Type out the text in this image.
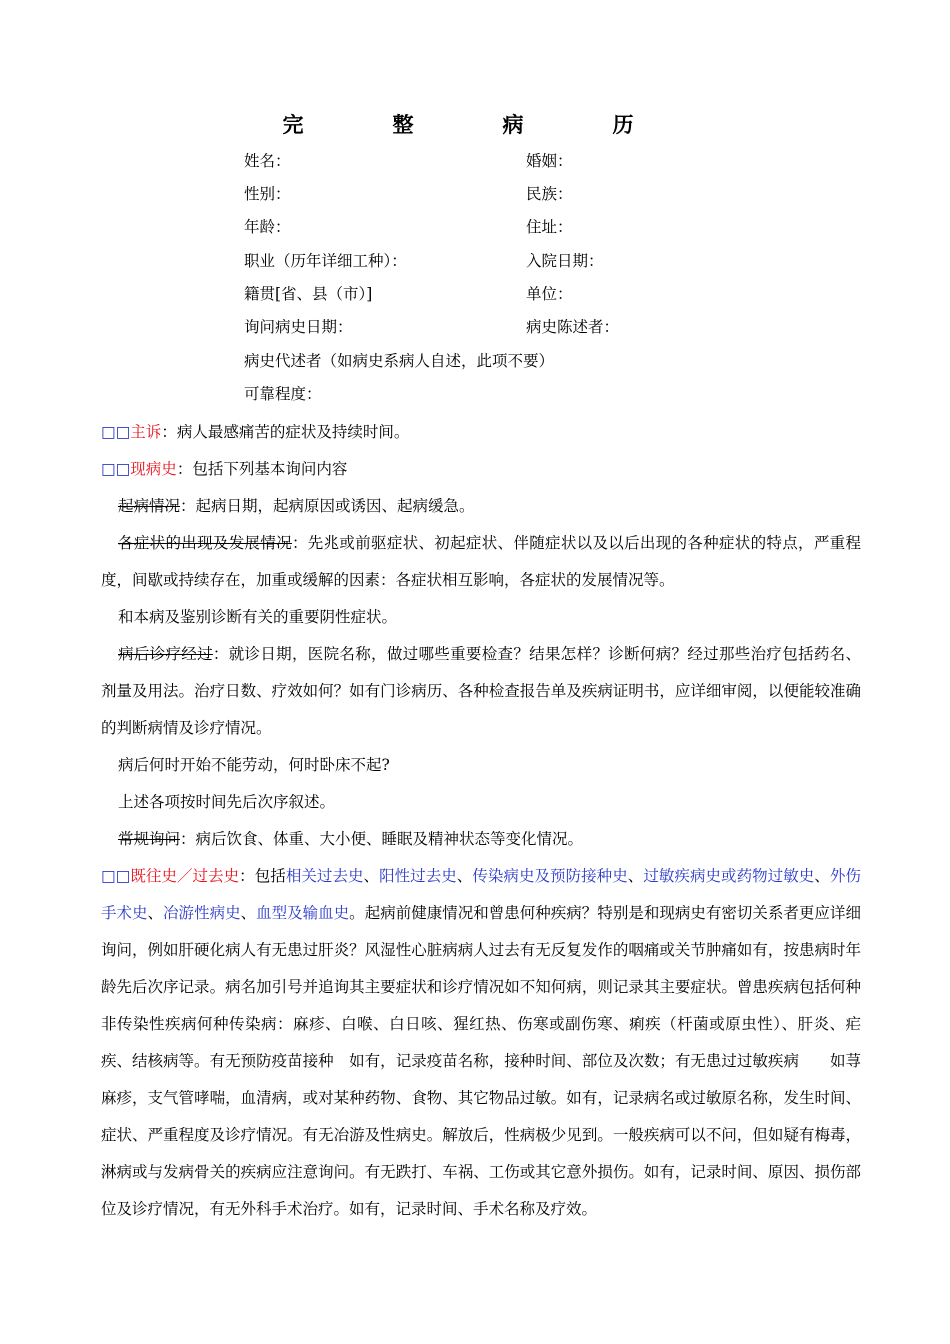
完　整　病　历
姓名：	婚姻：
性别：	民族：
年龄：	住址：
职业（历年详细工种）：	入院日期：
籍贯[省、县（市）]	单位：
询问病史日期：	病史陈述者：
病史代述者（如病史系病人自述，此项不要）
可靠程度：

□□主诉：病人最感痛苦的症状及持续时间。

□□现病史：包括下列基本询问内容

起病情况：起病日期，起病原因或诱因、起病缓急。

各症状的出现及发展情况：先兆或前驱症状、初起症状、伴随症状以及以后出现的各种症状的特点，严重程度，间歇或持续存在，加重或缓解的因素：各症状相互影响，各症状的发展情况等。

和本病及鉴别诊断有关的重要阴性症状。

病后诊疗经过：就诊日期，医院名称，做过哪些重要检查？结果怎样？诊断何病？经过那些治疗包括药名、剂量及用法。治疗日数、疗效如何？如有门诊病历、各种检查报告单及疾病证明书，应详细审阅，以便能较准确的判断病情及诊疗情况。

病后何时开始不能劳动，何时卧床不起?

上述各项按时间先后次序叙述。

常规询问：病后饮食、体重、大小便、睡眠及精神状态等变化情况。

□□既往史／过去史：包括相关过去史、阳性过去史、传染病史及预防接种史、过敏疾病史或药物过敏史、外伤手术史、冶游性病史、血型及输血史。起病前健康情况和曾患何种疾病？特别是和现病史有密切关系者更应详细询问，例如肝硬化病人有无患过肝炎？风湿性心脏病病人过去有无反复发作的咽痛或关节肿痛如有，按患病时年龄先后次序记录。病名加引号并追询其主要症状和诊疗情况如不知何病，则记录其主要症状。曾患疾病包括何种非传染性疾病何种传染病：麻疹、白喉、白日咳、猩红热、伤寒或副伤寒、痢疾（杆菌或原虫性）、肝炎、疟疾、结核病等。有无预防疫苗接种　如有，记录疫苗名称，接种时间、部位及次数；有无患过过敏疾病　　如荨麻疹，支气管哮喘，血清病，或对某种药物、食物、其它物品过敏。如有，记录病名或过敏原名称，发生时间、症状、严重程度及诊疗情况。有无冶游及性病史。解放后，性病极少见到。一般疾病可以不问，但如疑有梅毒，淋病或与发病骨关的疾病应注意询问。有无跌打、车祸、工伤或其它意外损伤。如有，记录时间、原因、损伤部位及诊疗情况，有无外科手术治疗。如有，记录时间、手术名称及疗效。
